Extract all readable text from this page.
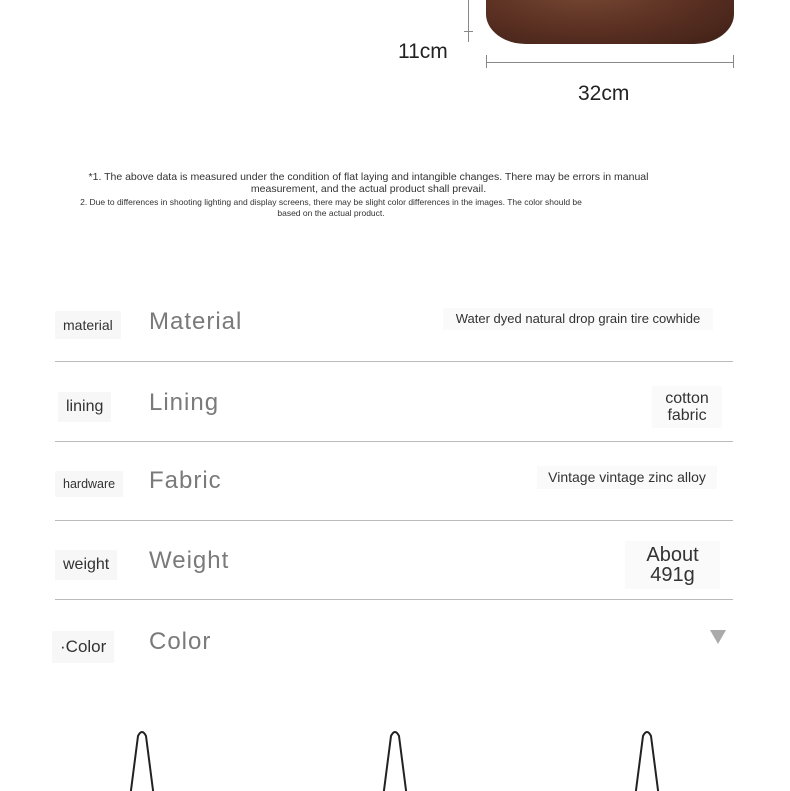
11cm
32cm
*1. The above data is measured under the condition of flat laying and intangible changes. There may be errors in manual measurement, and the actual product shall prevail.
2. Due to differences in shooting lighting and display screens, there may be slight color differences in the images. The color should be based on the actual product.
material	Material	Water dyed natural drop grain tire cowhide
lining	Lining	cotton fabric
hardware	Fabric	Vintage vintage zinc alloy
weight	Weight	About 491g
·Color	Color
